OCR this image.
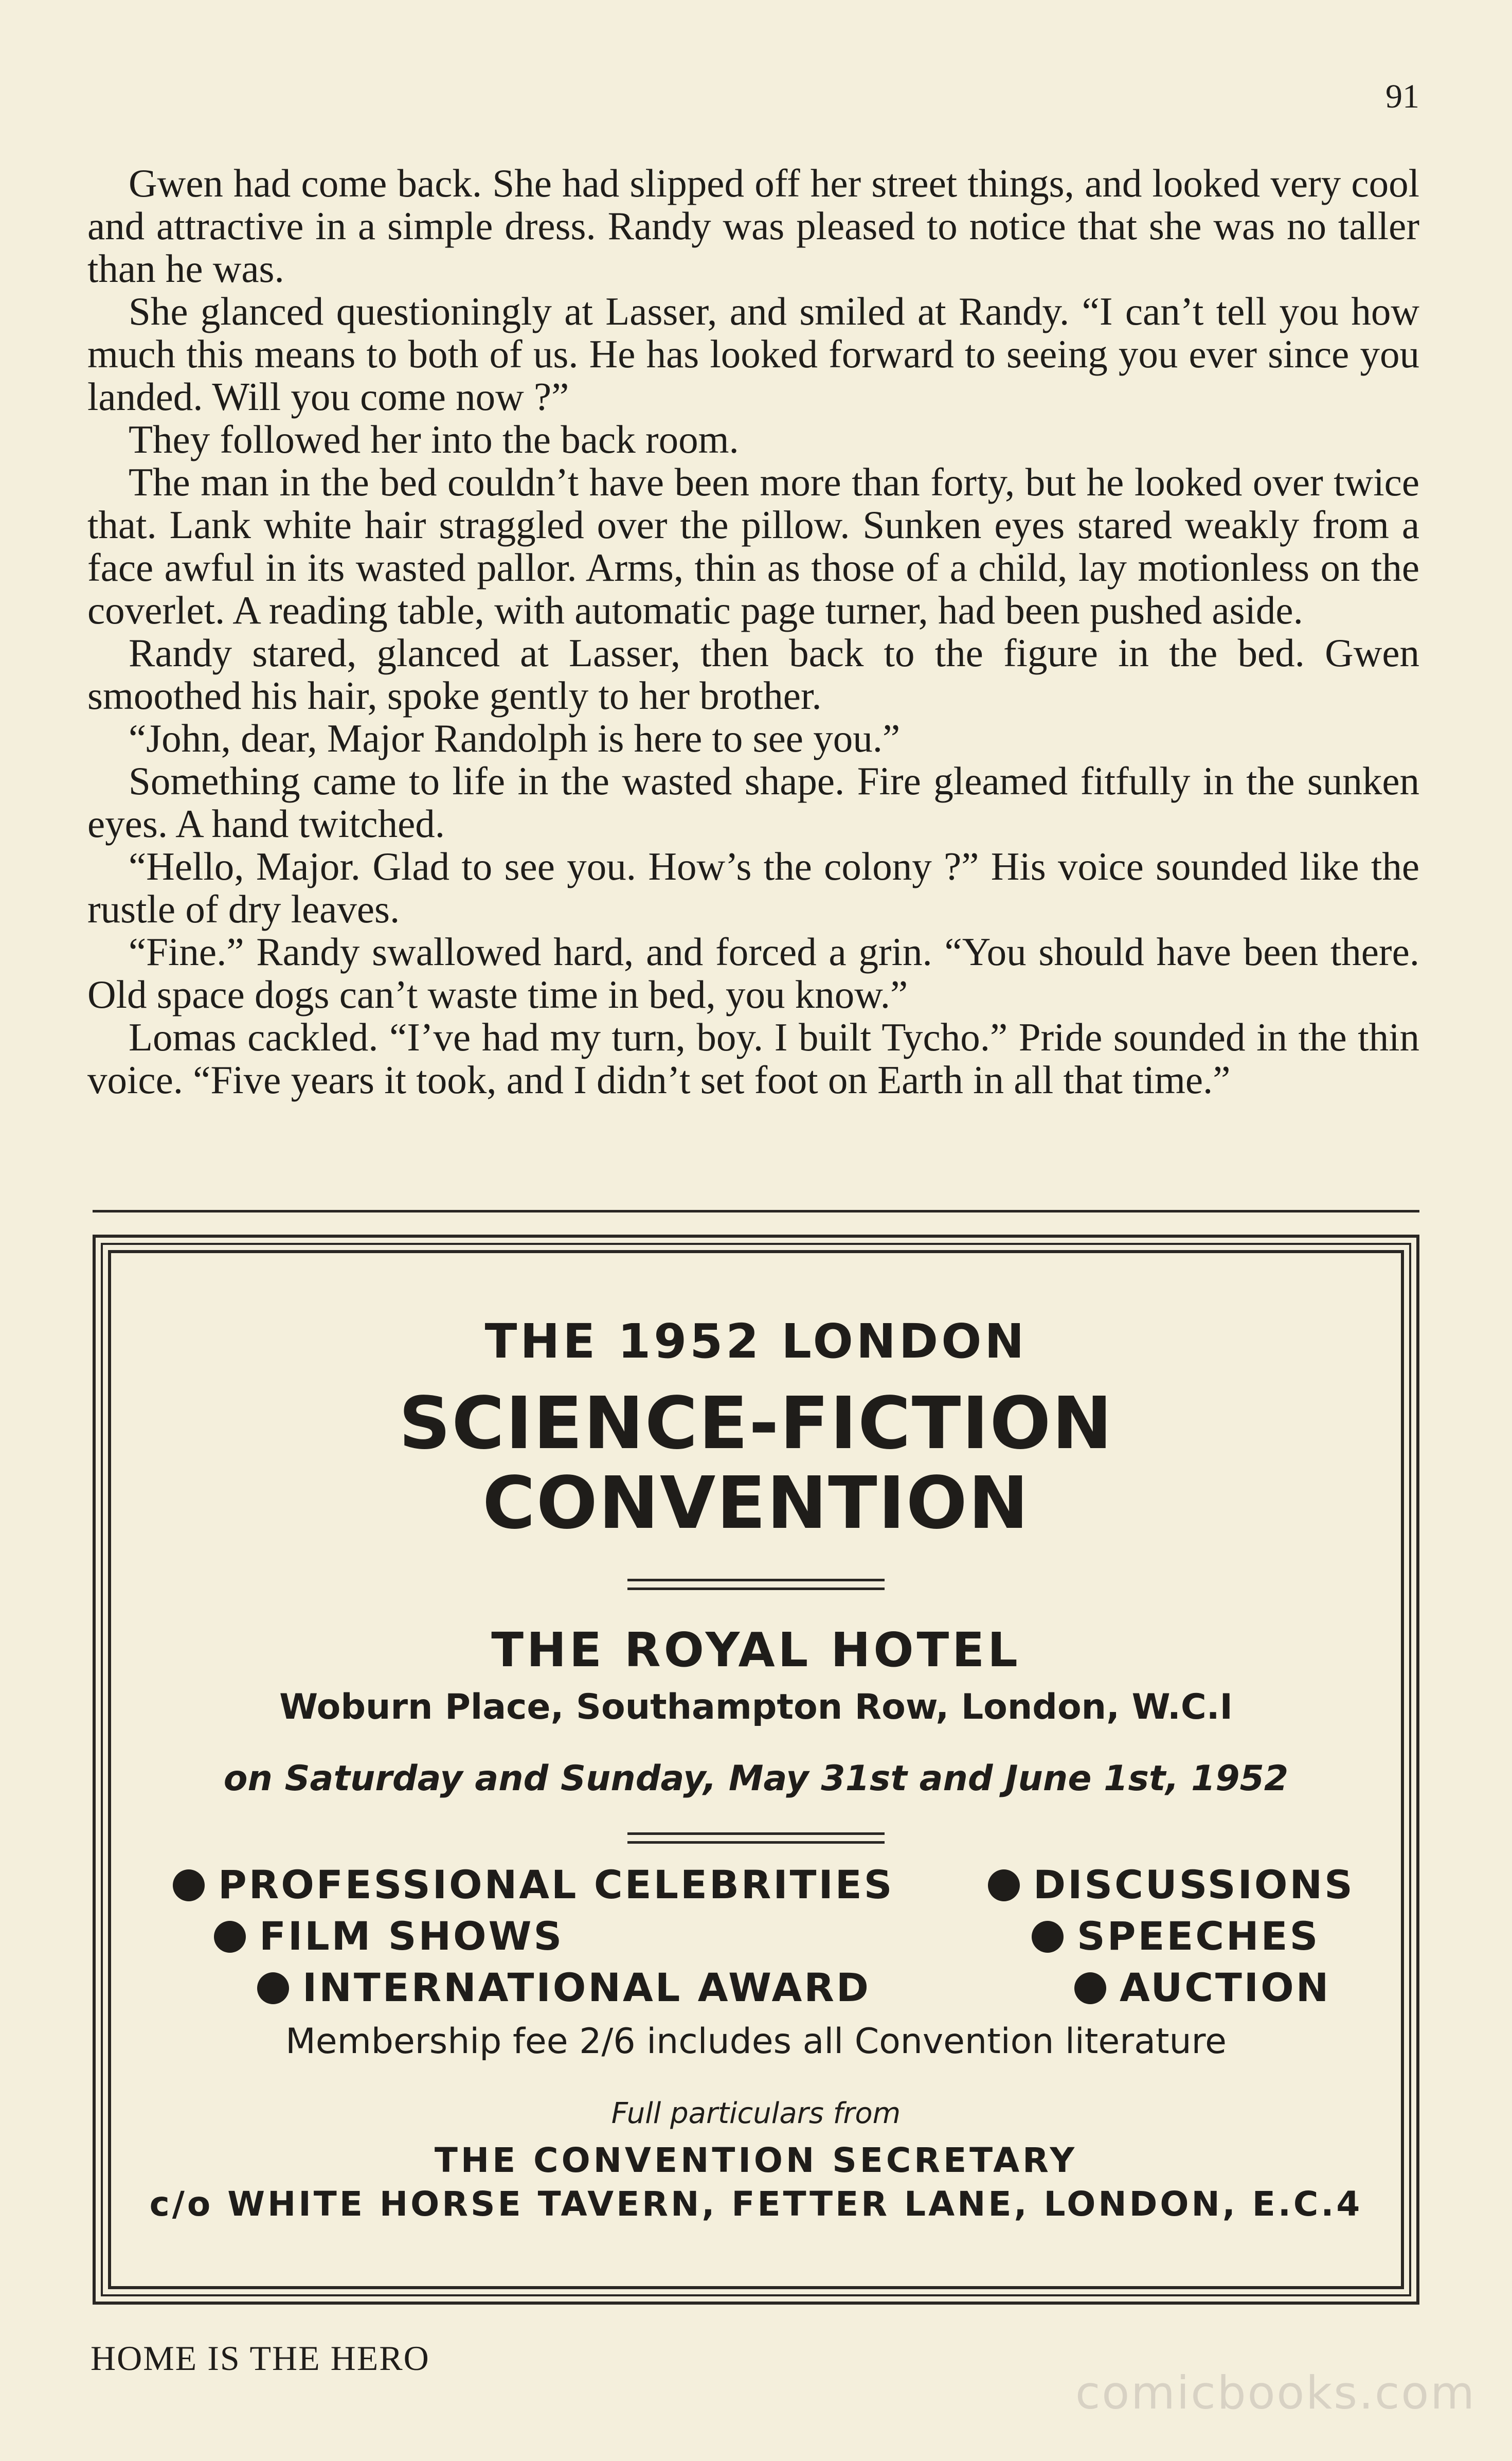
91

Gwen had come back. She had slipped off her street things, and looked very cool and attractive in a simple dress. Randy was pleased to notice that she was no taller than he was.

She glanced questioningly at Lasser, and smiled at Randy. “I can’t tell you how much this means to both of us. He has looked forward to seeing you ever since you landed. Will you come now ?”

They followed her into the back room.

The man in the bed couldn’t have been more than forty, but he looked over twice that. Lank white hair straggled over the pillow. Sunken eyes stared weakly from a face awful in its wasted pallor. Arms, thin as those of a child, lay motionless on the coverlet. A reading table, with automatic page turner, had been pushed aside.

Randy stared, glanced at Lasser, then back to the figure in the bed. Gwen smoothed his hair, spoke gently to her brother.

“John, dear, Major Randolph is here to see you.”

Something came to life in the wasted shape. Fire gleamed fitfully in the sunken eyes. A hand twitched.

“Hello, Major. Glad to see you. How’s the colony ?” His voice sounded like the rustle of dry leaves.

“Fine.” Randy swallowed hard, and forced a grin. “You should have been there. Old space dogs can’t waste time in bed, you know.”

Lomas cackled. “I’ve had my turn, boy. I built Tycho.” Pride sounded in the thin voice. “Five years it took, and I didn’t set foot on Earth in all that time.”

THE 1952 LONDON
SCIENCE-FICTION
CONVENTION
THE ROYAL HOTEL
Woburn Place, Southampton Row, London, W.C.I
on Saturday and Sunday, May 31st and June 1st, 1952
PROFESSIONAL CELEBRITIES
FILM SHOWS
INTERNATIONAL AWARD
DISCUSSIONS
SPEECHES
AUCTION
Membership fee 2/6 includes all Convention literature
Full particulars from
THE CONVENTION SECRETARY
c/o WHITE HORSE TAVERN, FETTER LANE, LONDON, E.C.4
HOME IS THE HERO
comicbooks.com
